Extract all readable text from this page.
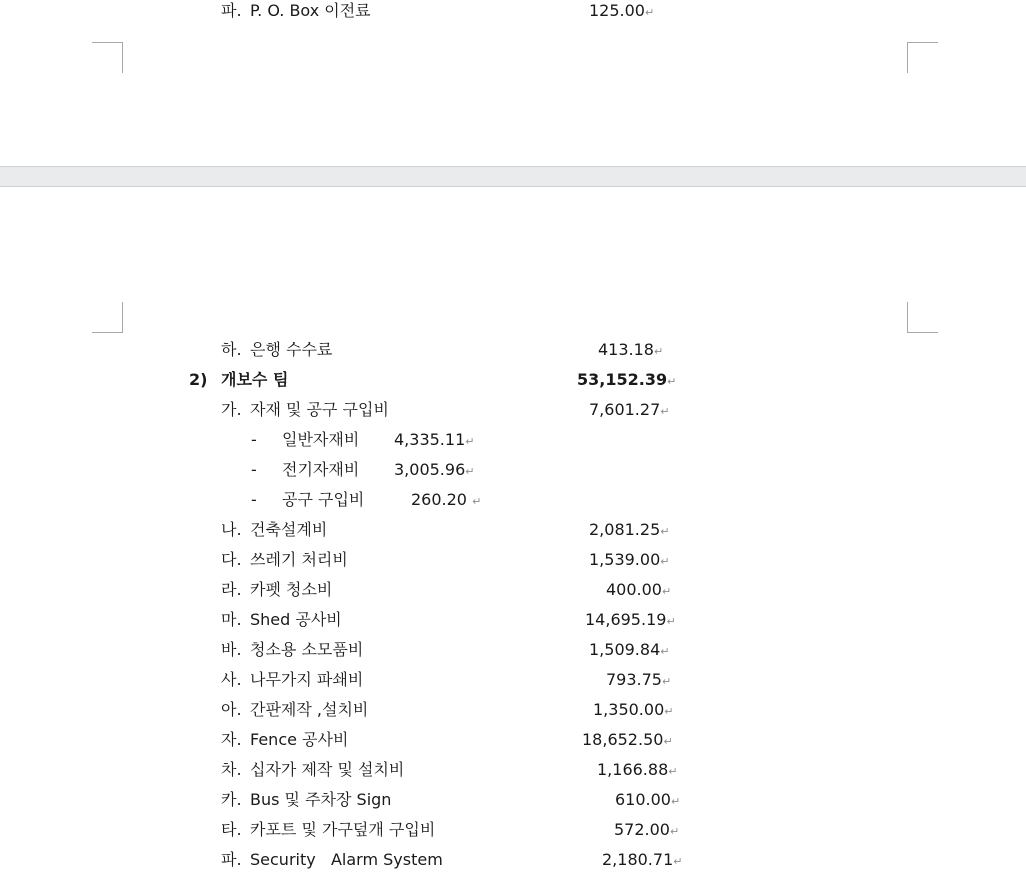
파. P. O. Box 이전료	125.00↵
하. 은행 수수료	413.18↵
2) 개보수 팀	53,152.39↵
가. 자재 및 공구 구입비	7,601.27↵
- 일반자재비 4,335.11↵
- 전기자재비 3,005.96↵
- 공구 구입비	260.20 ↵
나. 건축설계비	2,081.25↵
다. 쓰레기 처리비	1,539.00↵
라. 카펫 청소비	400.00↵
마. Shed 공사비	14,695.19↵
바. 청소용 소모품비	1,509.84↵
사. 나무가지 파쇄비	793.75↵
아. 간판제작 ,설치비	1,350.00↵
자. Fence 공사비	18,652.50↵
차. 십자가 제작 및 설치비	1,166.88↵
카. Bus 및 주차장 Sign	610.00↵
타. 카포트 및 가구덮개 구입비	572.00↵
파. Security   Alarm System	2,180.71↵
